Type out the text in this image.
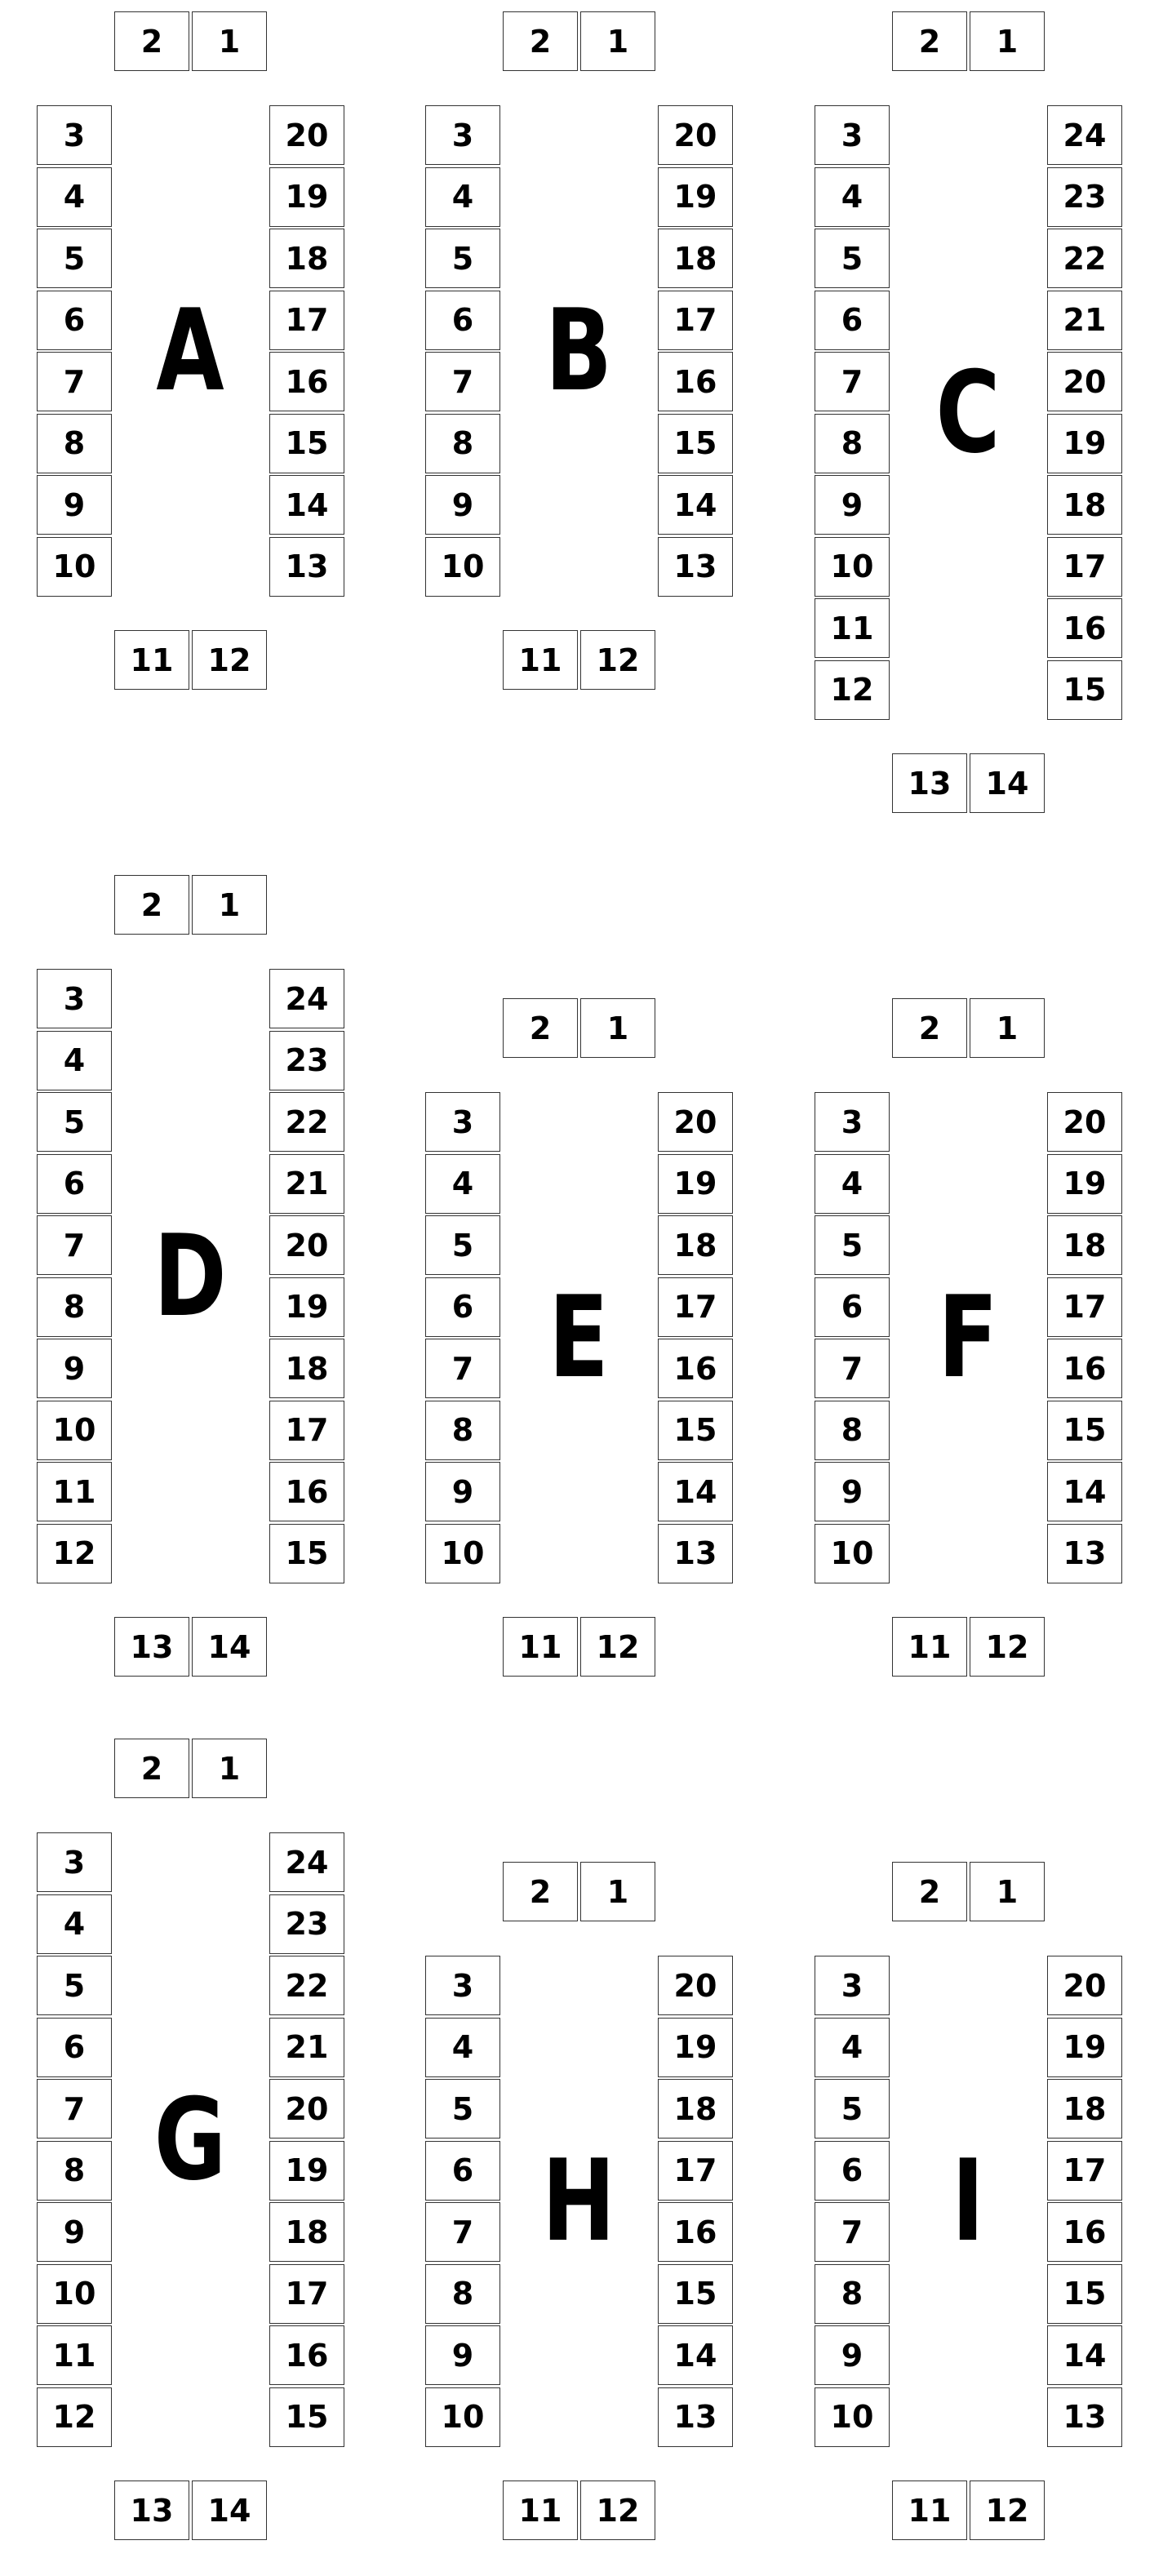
2	1
3	20
4	19
5	18
6	17
7	16
8	15
9	14
10	13
11	12
A
2	1
3	20
4	19
5	18
6	17
7	16
8	15
9	14
10	13
11	12
B
2	1
3	24
4	23
5	22
6	21
7	20
8	19
9	18
10	17
11	16
12	15
13	14
C
2	1
3	24
4	23
5	22
6	21
7	20
8	19
9	18
10	17
11	16
12	15
13	14
D
2	1
3	20
4	19
5	18
6	17
7	16
8	15
9	14
10	13
11	12
E
2	1
3	20
4	19
5	18
6	17
7	16
8	15
9	14
10	13
11	12
F
2	1
3	24
4	23
5	22
6	21
7	20
8	19
9	18
10	17
11	16
12	15
13	14
G
2	1
3	20
4	19
5	18
6	17
7	16
8	15
9	14
10	13
11	12
H
2	1
3	20
4	19
5	18
6	17
7	16
8	15
9	14
10	13
11	12
I
